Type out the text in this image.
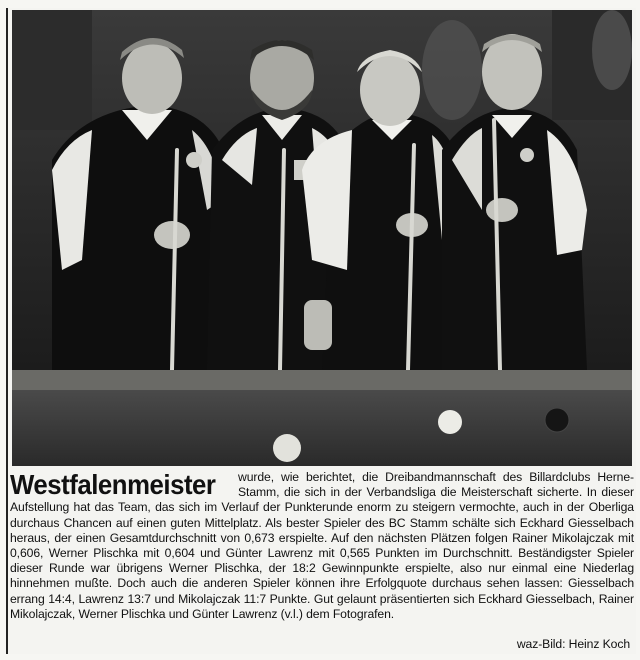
Westfalenmeister	wurde, wie berichtet, die Dreibandmannschaft des Billardclubs Herne-Stamm, die sich in der Verbandsliga die Meisterschaft sicherte. In dieser Aufstellung hat das Team, das sich im Verlauf der Punkterunde enorm zu steigern vermochte, auch in der Oberliga durchaus Chancen auf einen guten Mittelplatz. Als bester Spieler des BC Stamm schälte sich Eckhard Giesselbach heraus, der einen Gesamtdurchschnitt von 0,673 erspielte. Auf den nächsten Plätzen folgen Rainer Mikolajczak mit 0,606, Werner Plischka mit 0,604 und Günter Lawrenz mit 0,565 Punkten im Durchschnitt. Beständigster Spieler dieser Runde war übrigens Werner Plischka, der 18:2 Gewinnpunkte erspielte, also nur einmal eine Niederlag hinnehmen mußte. Doch auch die anderen Spieler können ihre Erfolgquote durchaus sehen lassen: Giesselbach errang 14:4, Lawrenz 13:7 und Mikolajczak 11:7 Punkte. Gut gelaunt präsentierten sich Eckhard Giesselbach, Rainer Mikolajczak, Werner Plischka und Günter Lawrenz (v.l.) dem Fotografen.

waz-Bild: Heinz Koch
